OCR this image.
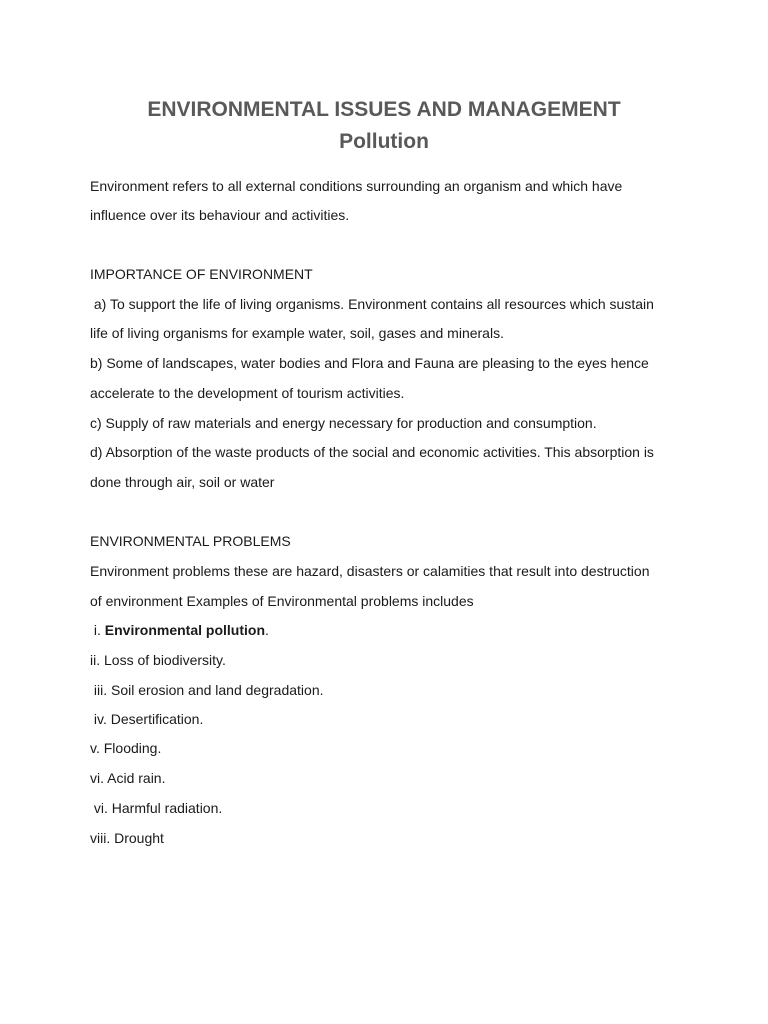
ENVIRONMENTAL ISSUES AND MANAGEMENT
Pollution

Environment refers to all external conditions surrounding an organism and which have

influence over its behaviour and activities.

IMPORTANCE OF ENVIRONMENT

a) To support the life of living organisms. Environment contains all resources which sustain

life of living organisms for example water, soil, gases and minerals.

b) Some of landscapes, water bodies and Flora and Fauna are pleasing to the eyes hence

accelerate to the development of tourism activities.

c) Supply of raw materials and energy necessary for production and consumption.

d) Absorption of the waste products of the social and economic activities. This absorption is

done through air, soil or water

ENVIRONMENTAL PROBLEMS

Environment problems these are hazard, disasters or calamities that result into destruction

of environment Examples of Environmental problems includes

i. Environmental pollution.

ii. Loss of biodiversity.

iii. Soil erosion and land degradation.

iv. Desertification.

v. Flooding.

vi. Acid rain.

vi. Harmful radiation.

viii. Drought
